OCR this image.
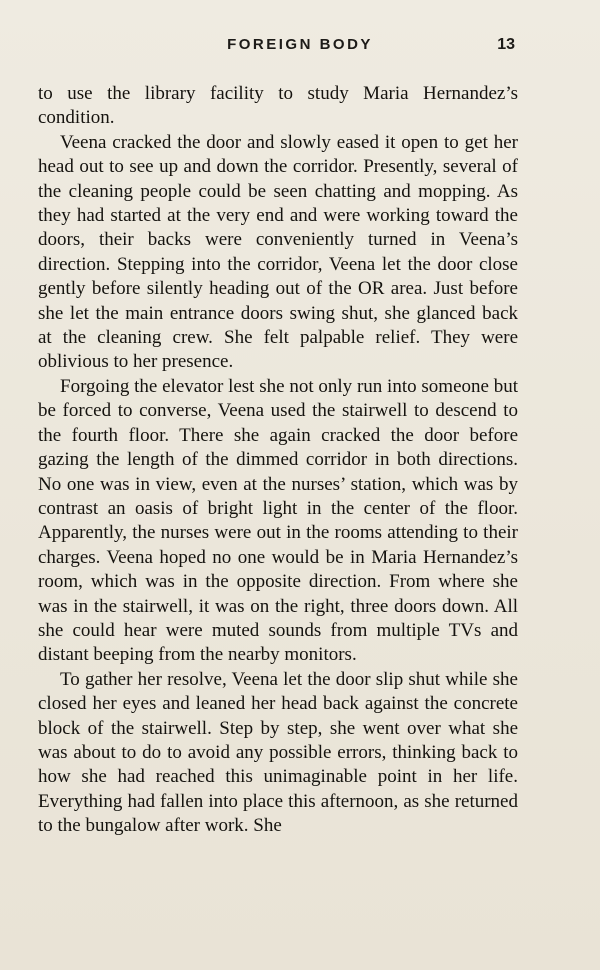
FOREIGN BODY	13

to use the library facility to study Maria Hernandez’s condition.

Veena cracked the door and slowly eased it open to get her head out to see up and down the corridor. Presently, several of the cleaning people could be seen chatting and mopping. As they had started at the very end and were working toward the doors, their backs were conveniently turned in Veena’s direction. Stepping into the corridor, Veena let the door close gently before silently heading out of the OR area. Just before she let the main entrance doors swing shut, she glanced back at the cleaning crew. She felt palpable relief. They were oblivious to her presence.

Forgoing the elevator lest she not only run into someone but be forced to converse, Veena used the stairwell to descend to the fourth floor. There she again cracked the door before gazing the length of the dimmed corridor in both directions. No one was in view, even at the nurses’ station, which was by contrast an oasis of bright light in the center of the floor. Apparently, the nurses were out in the rooms attending to their charges. Veena hoped no one would be in Maria Hernandez’s room, which was in the opposite direction. From where she was in the stairwell, it was on the right, three doors down. All she could hear were muted sounds from multiple TVs and distant beeping from the nearby monitors.

To gather her resolve, Veena let the door slip shut while she closed her eyes and leaned her head back against the concrete block of the stairwell. Step by step, she went over what she was about to do to avoid any possible errors, thinking back to how she had reached this unimaginable point in her life. Everything had fallen into place this afternoon, as she returned to the bungalow after work. She
